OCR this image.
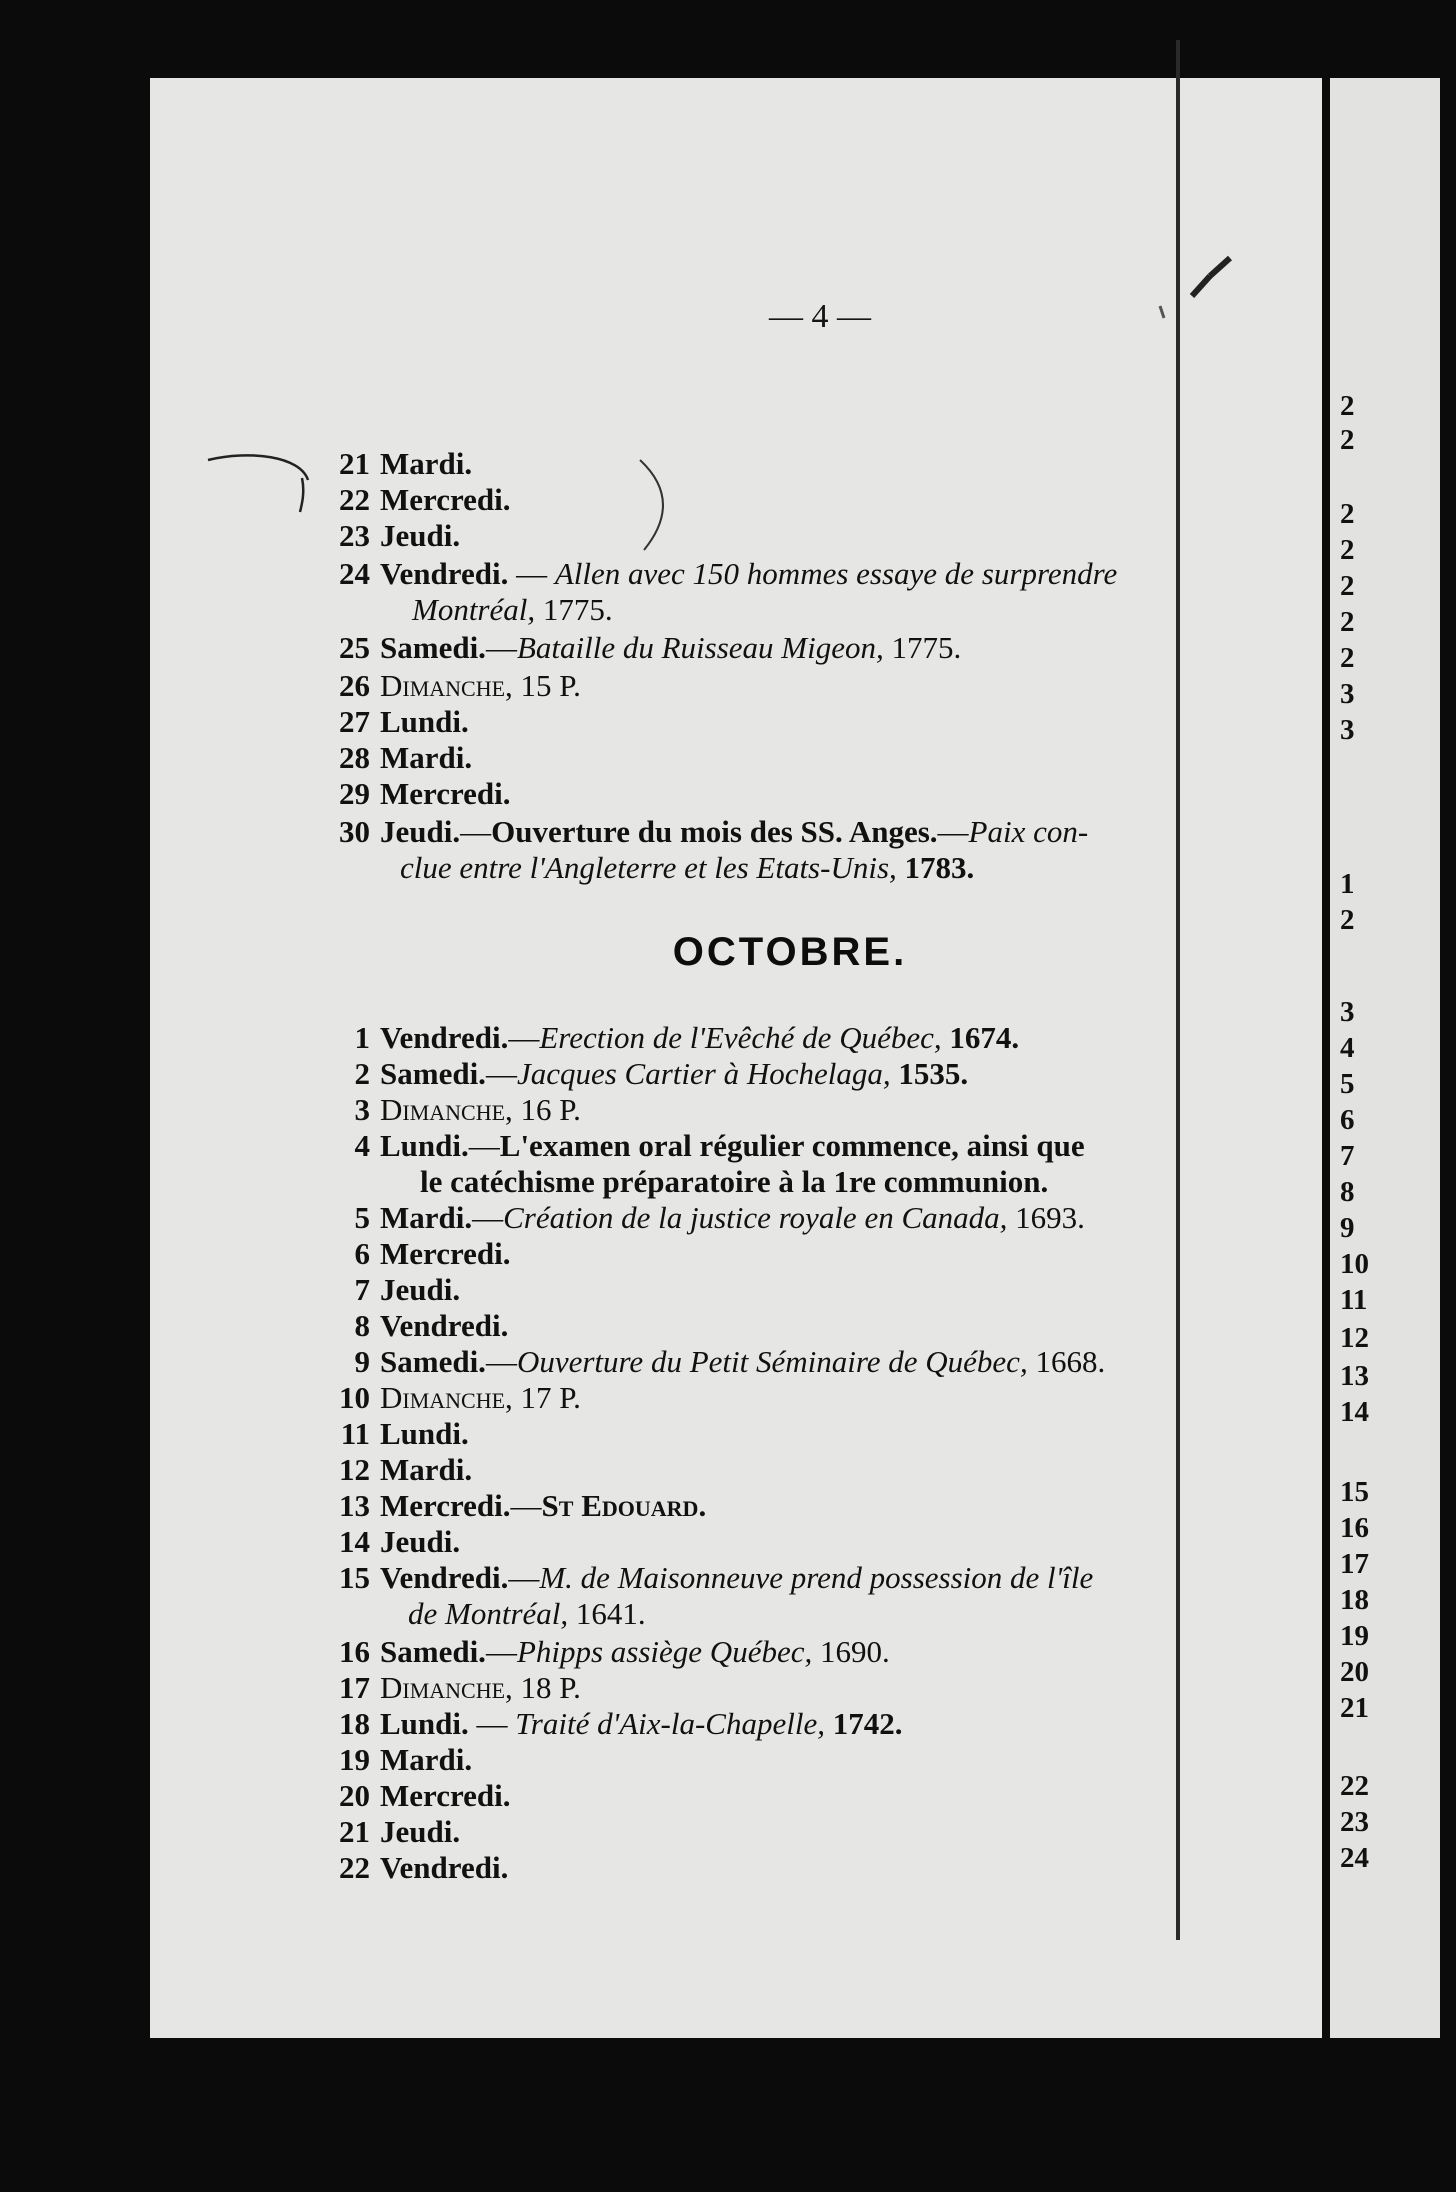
— 4 —
21 Mardi.
22 Mercredi.
23 Jeudi.
24 Vendredi. — Allen avec 150 hommes essaye de surprendre
Montréal, 1775.
25 Samedi.—Bataille du Ruisseau Migeon, 1775.
26 Dimanche, 15 P.
27 Lundi.
28 Mardi.
29 Mercredi.
30 Jeudi.—Ouverture du mois des SS. Anges.—Paix con-
clue entre l'Angleterre et les Etats-Unis, 1783.
OCTOBRE.
1 Vendredi.—Erection de l'Evêché de Québec, 1674.
2 Samedi.—Jacques Cartier à Hochelaga, 1535.
3 Dimanche, 16 P.
4 Lundi.—L'examen oral régulier commence, ainsi que
le catéchisme préparatoire à la 1re communion.
5 Mardi.—Création de la justice royale en Canada, 1693.
6 Mercredi.
7 Jeudi.
8 Vendredi.
9 Samedi.—Ouverture du Petit Séminaire de Québec, 1668.
10 Dimanche, 17 P.
11 Lundi.
12 Mardi.
13 Mercredi.—St Edouard.
14 Jeudi.
15 Vendredi.—M. de Maisonneuve prend possession de l'île
de Montréal, 1641.
16 Samedi.—Phipps assiège Québec, 1690.
17 Dimanche, 18 P.
18 Lundi. — Traité d'Aix-la-Chapelle, 1742.
19 Mardi.
20 Mercredi.
21 Jeudi.
22 Vendredi.
2
2
2
2
2
2
2
3
3
1
2
3
4
5
6
7
8
9
10
11
12
13
14
15
16
17
18
19
20
21
22
23
24
